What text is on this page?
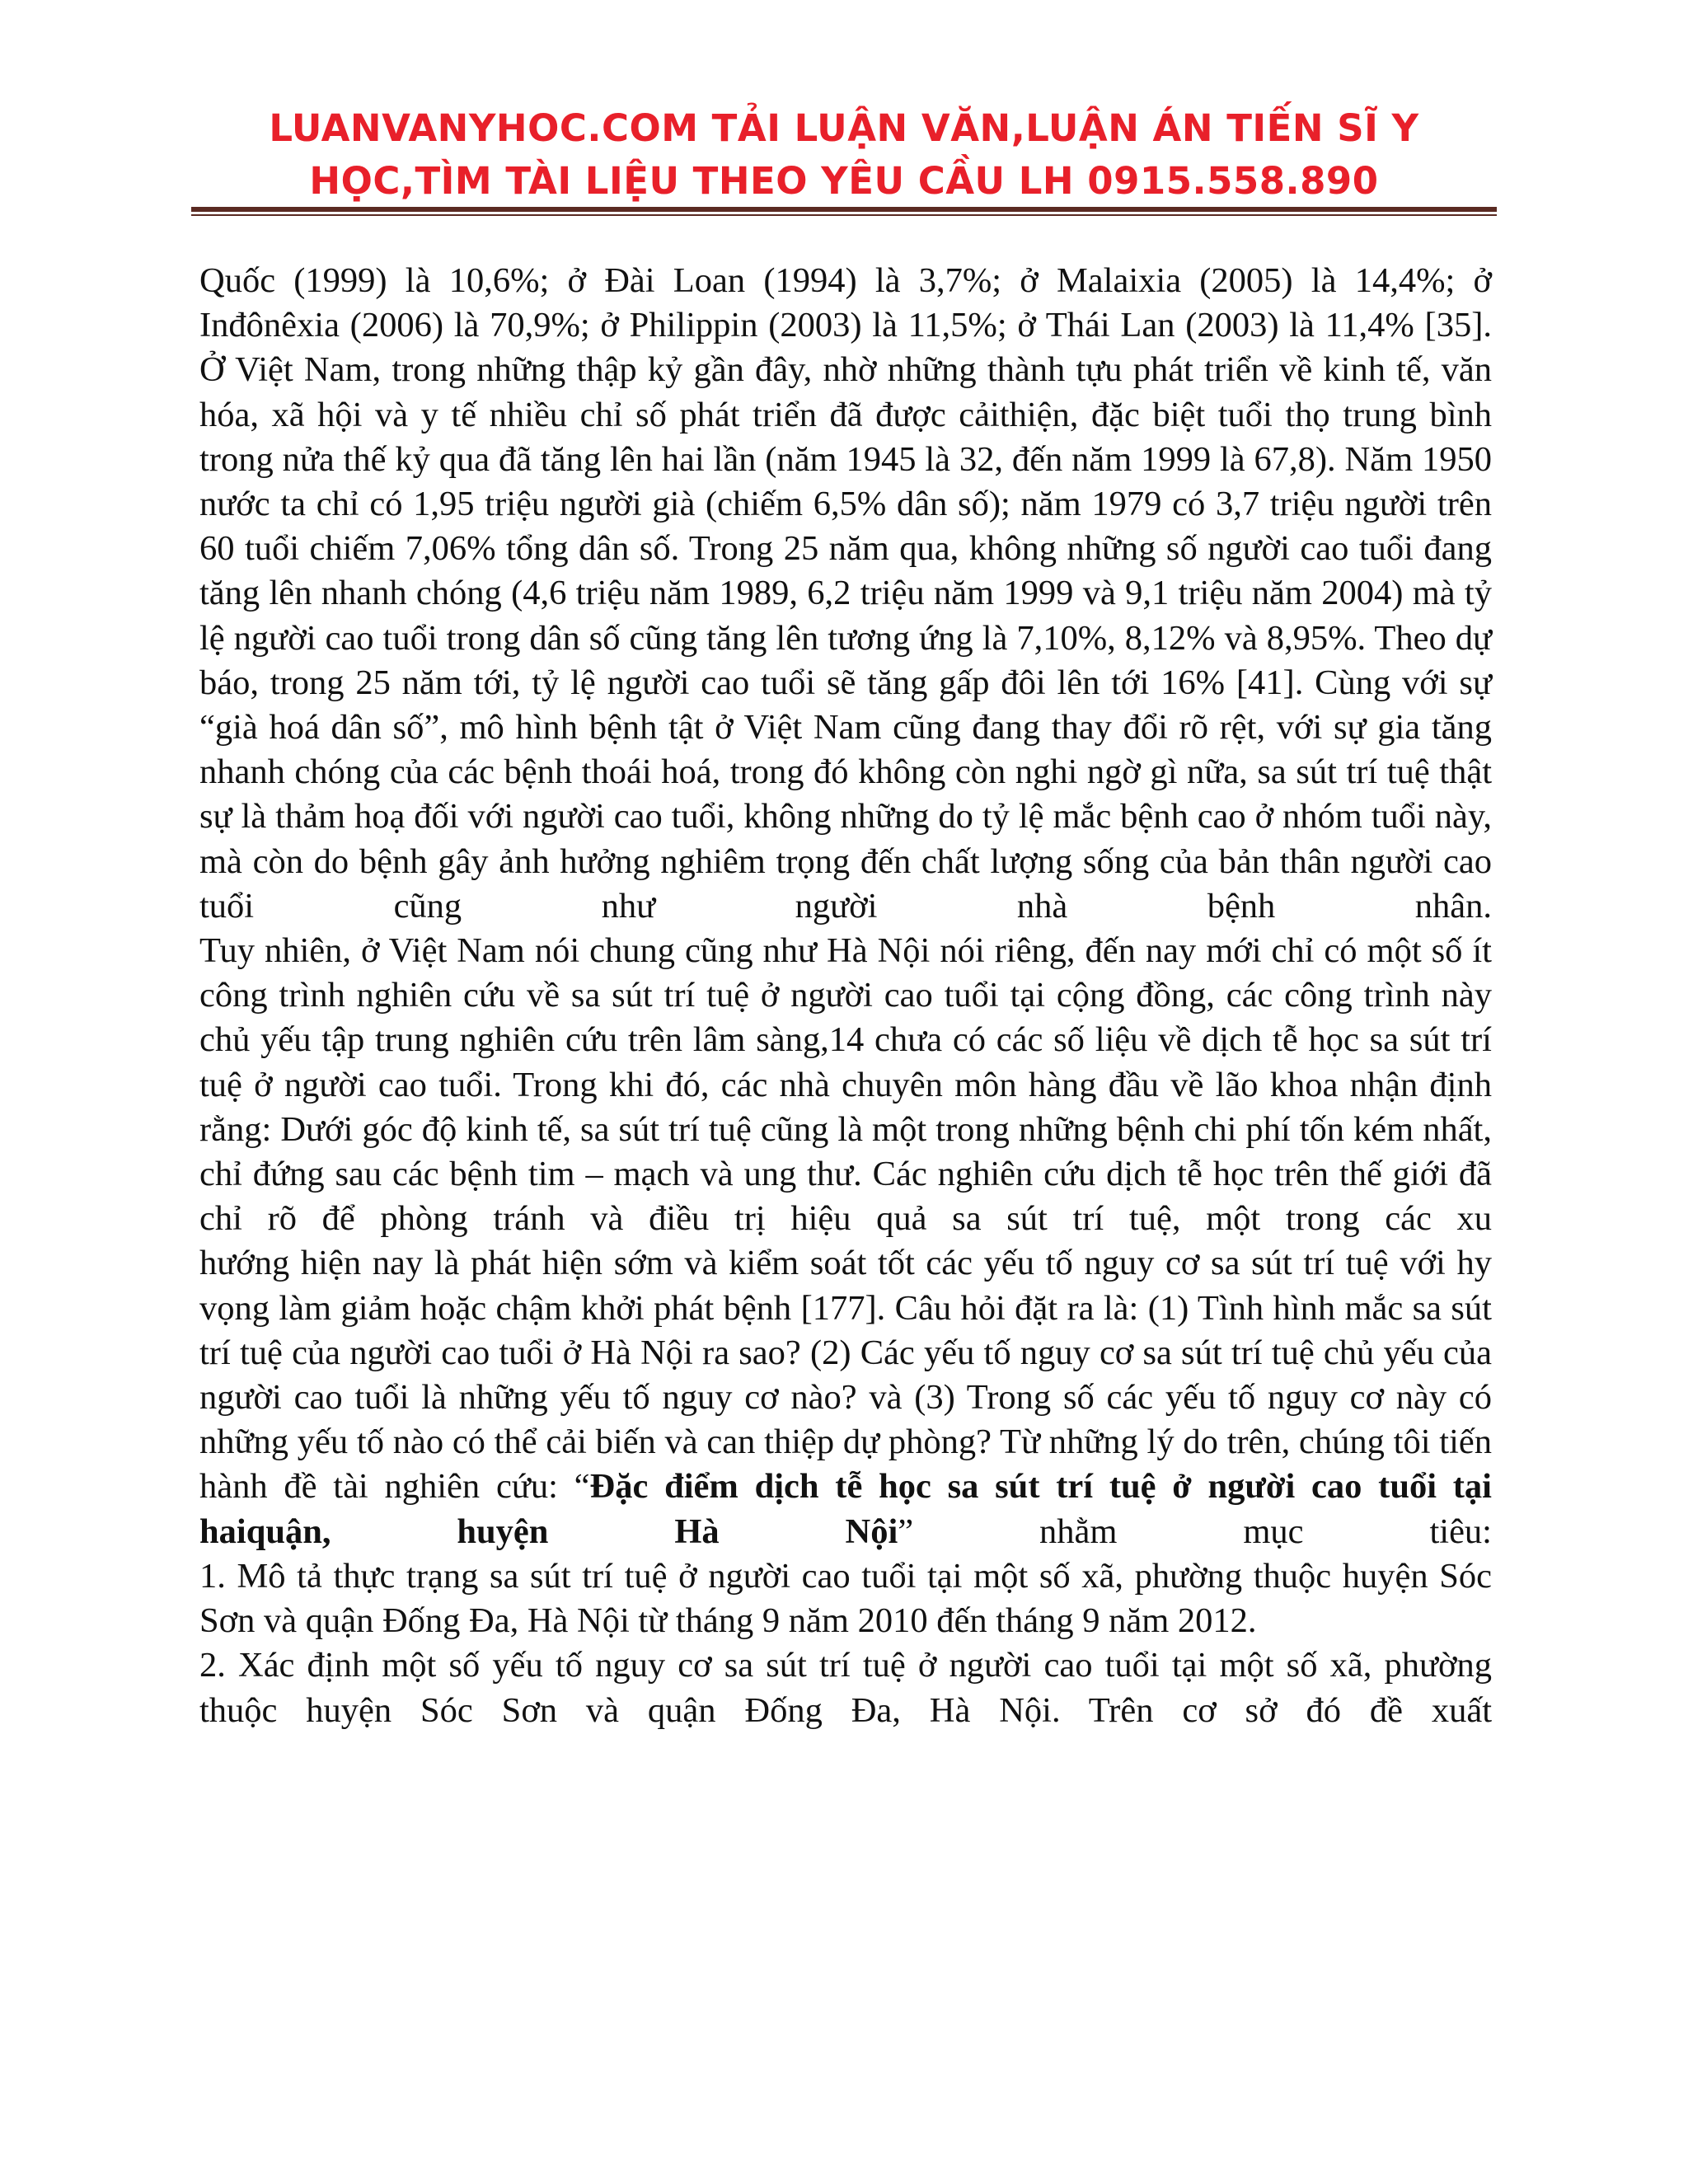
LUANVANYHOC.COM TẢI LUẬN VĂN,LUẬN ÁN TIẾN SĨ Y
HỌC,TÌM TÀI LIỆU THEO YÊU CẦU LH 0915.558.890

Quốc (1999) là 10,6%; ở Đài Loan (1994) là 3,7%; ở Malaixia (2005) là 14,4%; ở Inđônêxia (2006) là 70,9%; ở Philippin (2003) là 11,5%; ở Thái Lan (2003) là 11,4% [35].

Ở Việt Nam, trong những thập kỷ gần đây, nhờ những thành tựu phát triển về kinh tế, văn hóa, xã hội và y tế nhiều chỉ số phát triển đã được cảithiện, đặc biệt tuổi thọ trung bình trong nửa thế kỷ qua đã tăng lên hai lần (năm 1945 là 32, đến năm 1999 là 67,8). Năm 1950 nước ta chỉ có 1,95 triệu người già (chiếm 6,5% dân số); năm 1979 có 3,7 triệu người trên 60 tuổi chiếm 7,06% tổng dân số. Trong 25 năm qua, không những số người cao tuổi đang tăng lên nhanh chóng (4,6 triệu năm 1989, 6,2 triệu năm 1999 và 9,1 triệu năm 2004) mà tỷ lệ người cao tuổi trong dân số cũng tăng lên tương ứng là 7,10%, 8,12% và 8,95%. Theo dự báo, trong 25 năm tới, tỷ lệ người cao tuổi sẽ tăng gấp đôi lên tới 16% [41]. Cùng với sự “già hoá dân số”, mô hình bệnh tật ở Việt Nam cũng đang thay đổi rõ rệt, với sự gia tăng nhanh chóng của các bệnh thoái hoá, trong đó không còn nghi ngờ gì nữa, sa sút trí tuệ thật sự là thảm hoạ đối với người cao tuổi, không những do tỷ lệ mắc bệnh cao ở nhóm tuổi này, mà còn do bệnh gây ảnh hưởng nghiêm trọng đến chất lượng sống của bản thân người cao tuổi cũng như người nhà bệnh nhân.

Tuy nhiên, ở Việt Nam nói chung cũng như Hà Nội nói riêng, đến nay mới chỉ có một số ít công trình nghiên cứu về sa sút trí tuệ ở người cao tuổi tại cộng đồng, các công trình này chủ yếu tập trung nghiên cứu trên lâm sàng,14 chưa có các số liệu về dịch tễ học sa sút trí tuệ ở người cao tuổi. Trong khi đó, các nhà chuyên môn hàng đầu về lão khoa nhận định rằng: Dưới góc độ kinh tế, sa sút trí tuệ cũng là một trong những bệnh chi phí tốn kém nhất, chỉ đứng sau các bệnh tim – mạch và ung thư. Các nghiên cứu dịch tễ học trên thế giới đã chỉ rõ để phòng tránh và điều trị hiệu quả sa sút trí tuệ, một trong các xu

hướng hiện nay là phát hiện sớm và kiểm soát tốt các yếu tố nguy cơ sa sút trí tuệ với hy vọng làm giảm hoặc chậm khởi phát bệnh [177]. Câu hỏi đặt ra là: (1) Tình hình mắc sa sút trí tuệ của người cao tuổi ở Hà Nội ra sao? (2) Các yếu tố nguy cơ sa sút trí tuệ chủ yếu của người cao tuổi là những yếu tố nguy cơ nào? và (3) Trong số các yếu tố nguy cơ này có những yếu tố nào có thể cải biến và can thiệp dự phòng? Từ những lý do trên, chúng tôi tiến hành đề tài nghiên cứu: “Đặc điểm dịch tễ học sa sút trí tuệ ở người cao tuổi tại haiquận, huyện Hà Nội” nhằm mục tiêu:

1. Mô tả thực trạng sa sút trí tuệ ở người cao tuổi tại một số xã, phường thuộc huyện Sóc Sơn và quận Đống Đa, Hà Nội từ tháng 9 năm 2010 đến tháng 9 năm 2012.

2. Xác định một số yếu tố nguy cơ sa sút trí tuệ ở người cao tuổi tại một số xã, phường thuộc huyện Sóc Sơn và quận Đống Đa, Hà Nội. Trên cơ sở đó đề xuất
